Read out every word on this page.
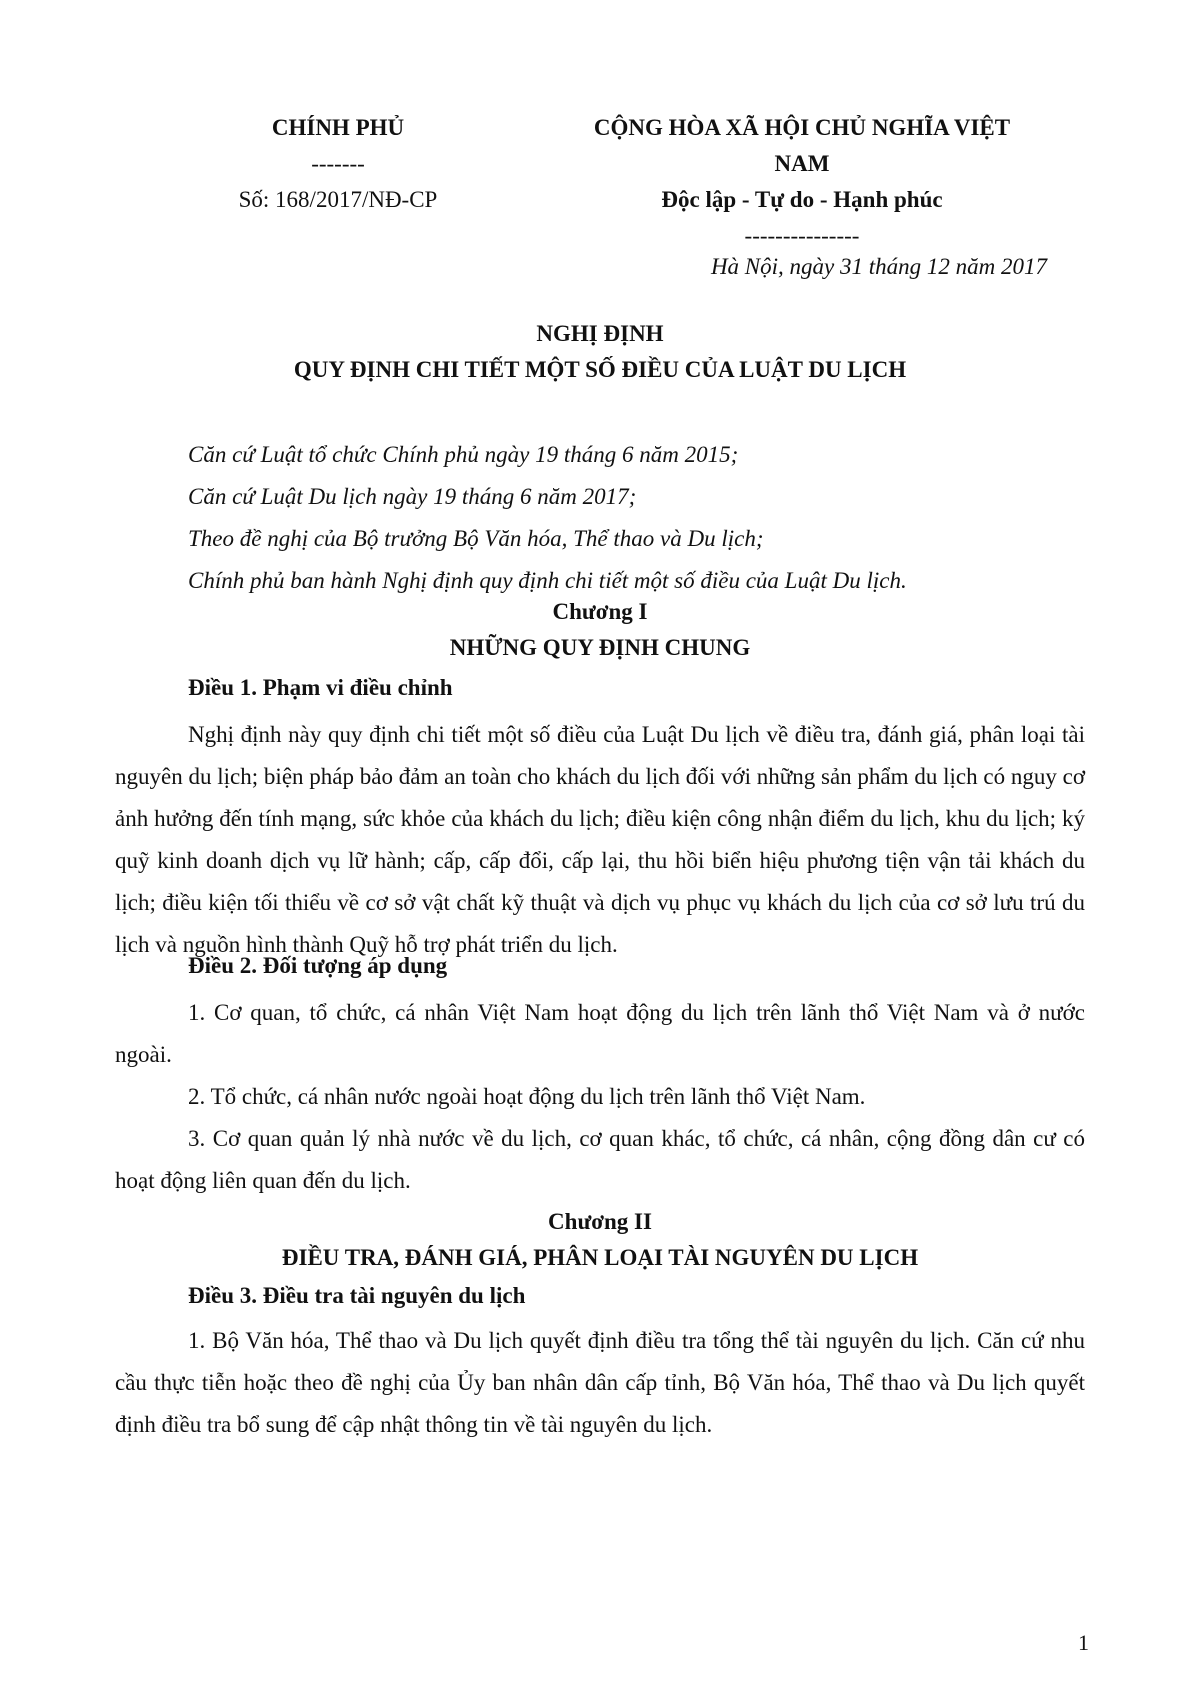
CHÍNH PHỦ
-------
Số: 168/2017/NĐ-CP
CỘNG HÒA XÃ HỘI CHỦ NGHĨA VIỆT
NAM
Độc lập - Tự do - Hạnh phúc
---------------
Hà Nội, ngày 31 tháng 12 năm 2017
NGHỊ ĐỊNH
QUY ĐỊNH CHI TIẾT MỘT SỐ ĐIỀU CỦA LUẬT DU LỊCH
Căn cứ Luật tổ chức Chính phủ ngày 19 tháng 6 năm 2015;
Căn cứ Luật Du lịch ngày 19 tháng 6 năm 2017;
Theo đề nghị của Bộ trưởng Bộ Văn hóa, Thể thao và Du lịch;
Chính phủ ban hành Nghị định quy định chi tiết một số điều của Luật Du lịch.
Chương I
NHỮNG QUY ĐỊNH CHUNG
Điều 1. Phạm vi điều chỉnh
Nghị định này quy định chi tiết một số điều của Luật Du lịch về điều tra, đánh giá, phân loại tài nguyên du lịch; biện pháp bảo đảm an toàn cho khách du lịch đối với những sản phẩm du lịch có nguy cơ ảnh hưởng đến tính mạng, sức khỏe của khách du lịch; điều kiện công nhận điểm du lịch, khu du lịch; ký quỹ kinh doanh dịch vụ lữ hành; cấp, cấp đổi, cấp lại, thu hồi biển hiệu phương tiện vận tải khách du lịch; điều kiện tối thiểu về cơ sở vật chất kỹ thuật và dịch vụ phục vụ khách du lịch của cơ sở lưu trú du lịch và nguồn hình thành Quỹ hỗ trợ phát triển du lịch.
Điều 2. Đối tượng áp dụng
1. Cơ quan, tổ chức, cá nhân Việt Nam hoạt động du lịch trên lãnh thổ Việt Nam và ở nước ngoài.
2. Tổ chức, cá nhân nước ngoài hoạt động du lịch trên lãnh thổ Việt Nam.
3. Cơ quan quản lý nhà nước về du lịch, cơ quan khác, tổ chức, cá nhân, cộng đồng dân cư có hoạt động liên quan đến du lịch.
Chương II
ĐIỀU TRA, ĐÁNH GIÁ, PHÂN LOẠI TÀI NGUYÊN DU LỊCH
Điều 3. Điều tra tài nguyên du lịch
1. Bộ Văn hóa, Thể thao và Du lịch quyết định điều tra tổng thể tài nguyên du lịch. Căn cứ nhu cầu thực tiễn hoặc theo đề nghị của Ủy ban nhân dân cấp tỉnh, Bộ Văn hóa, Thể thao và Du lịch quyết định điều tra bổ sung để cập nhật thông tin về tài nguyên du lịch.
1
